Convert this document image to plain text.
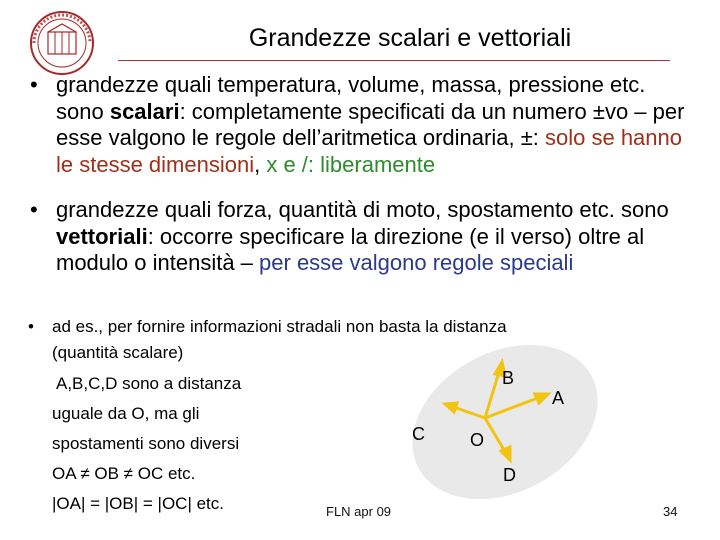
Grandezze scalari e vettoriali
• grandezze quali temperatura, volume, massa, pressione etc. sono scalari: completamente specificati da un numero ±vo – per esse valgono le regole dell’aritmetica ordinaria, ±: solo se hanno le stesse dimensioni, x e /: liberamente
• grandezze quali forza, quantità di moto, spostamento etc. sono vettoriali: occorre specificare la direzione (e il verso) oltre al modulo o intensità – per esse valgono regole speciali
• ad es., per fornire informazioni stradali non basta la distanza
(quantità scalare)
A,B,C,D sono a distanza
uguale da O, ma gli
spostamenti sono diversi
OA ≠ OB ≠ OC etc.
|OA| = |OB| = |OC| etc.
B
A
C	O
D
FLN apr 09	34
